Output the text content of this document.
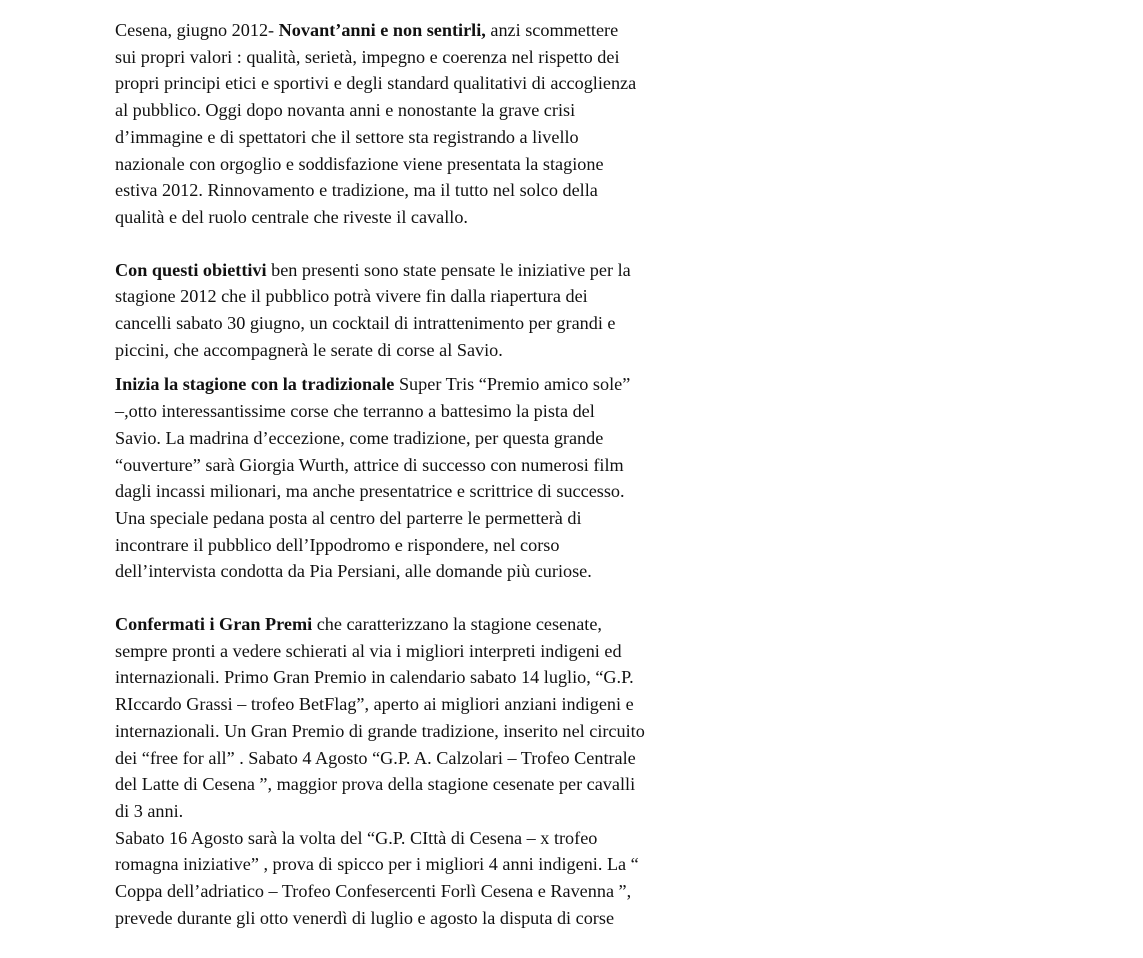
Cesena, giugno 2012- Novant’anni e non sentirli, anzi scommettere
sui propri valori : qualità, serietà, impegno e coerenza nel rispetto dei
propri principi etici e sportivi e degli standard qualitativi di accoglienza
al pubblico. Oggi dopo novanta anni e nonostante la grave crisi
d’immagine e di spettatori che il settore sta registrando a livello
nazionale con orgoglio e soddisfazione viene presentata la stagione
estiva 2012. Rinnovamento e tradizione, ma il tutto nel solco della
qualità e del ruolo centrale che riveste il cavallo.

Con questi obiettivi ben presenti sono state pensate le iniziative per la
stagione 2012 che il pubblico potrà vivere fin dalla riapertura dei
cancelli sabato 30 giugno, un cocktail di intrattenimento per grandi e
piccini, che accompagnerà le serate di corse al Savio.

Inizia la stagione con la tradizionale Super Tris “Premio amico sole”
–,otto interessantissime corse che terranno a battesimo la pista del
Savio. La madrina d’eccezione, come tradizione, per questa grande
“ouverture” sarà Giorgia Wurth, attrice di successo con numerosi film
dagli incassi milionari, ma anche presentatrice e scrittrice di successo.
Una speciale pedana posta al centro del parterre le permetterà di
incontrare il pubblico dell’Ippodromo e rispondere, nel corso
dell’intervista condotta da Pia Persiani, alle domande più curiose.

Confermati i Gran Premi che caratterizzano la stagione cesenate,
sempre pronti a vedere schierati al via i migliori interpreti indigeni ed
internazionali. Primo Gran Premio in calendario sabato 14 luglio, “G.P.
RIccardo Grassi – trofeo BetFlag”, aperto ai migliori anziani indigeni e
internazionali. Un Gran Premio di grande tradizione, inserito nel circuito
dei “free for all” . Sabato 4 Agosto “G.P. A. Calzolari – Trofeo Centrale
del Latte di Cesena ”, maggior prova della stagione cesenate per cavalli
di 3 anni.
Sabato 16 Agosto sarà la volta del “G.P. CIttà di Cesena – x trofeo
romagna iniziative” , prova di spicco per i migliori 4 anni indigeni. La “
Coppa dell’adriatico – Trofeo Confesercenti Forlì Cesena e Ravenna ”,
prevede durante gli otto venerdì di luglio e agosto la disputa di corse
